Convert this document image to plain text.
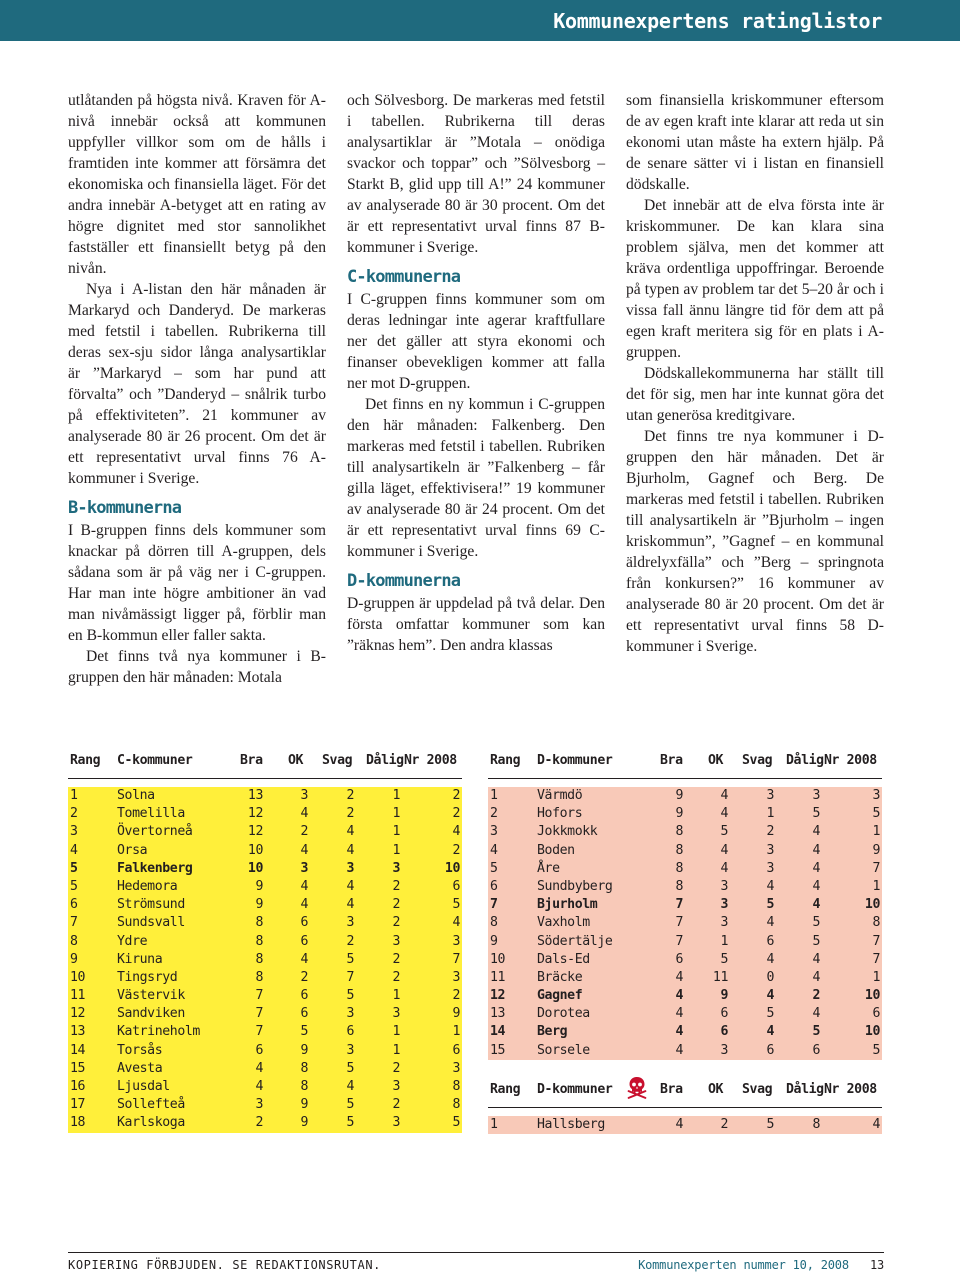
Kommunexpertens ratinglistor

utlåtanden på högsta nivå. Kraven för A-nivå innebär också att kommunen uppfyller villkor som om de hålls i framtiden inte kommer att försämra det ekonomiska och finansiella läget. För det andra innebär A-betyget att en rating av högre dignitet med stor sannolikhet fastställer ett finansiellt betyg på den nivån.

Nya i A-listan den här månaden är Markaryd och Danderyd. De markeras med fetstil i tabellen. Rubrikerna till deras sex-sju sidor långa analysartiklar är ”Markaryd – som har pund att förvalta” och ”Danderyd – snålrik turbo på effektiviteten”. 21 kommuner av analyserade 80 är 26 procent. Om det är ett representativt urval finns 76 A-kommuner i Sverige.

B-kommunerna

I B-gruppen finns dels kommuner som knackar på dörren till A-gruppen, dels sådana som är på väg ner i C-gruppen. Har man inte högre ambitioner än vad man nivåmässigt ligger på, förblir man en B-kommun eller faller sakta.

Det finns två nya kommuner i B-gruppen den här månaden: Motala

och Sölvesborg. De markeras med fetstil i tabellen. Rubrikerna till deras analysartiklar är ”Motala – onödiga svackor och toppar” och ”Sölvesborg – Starkt B, glid upp till A!” 24 kommuner av analyserade 80 är 30 procent. Om det är ett representativt urval finns 87 B-kommuner i Sverige.

C-kommunerna

I C-gruppen finns kommuner som om deras ledningar inte agerar kraftfullare ner det gäller att styra ekonomi och finanser obevekligen kommer att falla ner mot D-gruppen.

Det finns en ny kommun i C-gruppen den här månaden: Falkenberg. Den markeras med fetstil i tabellen. Rubriken till analysartikeln är ”Falkenberg – får gilla läget, effektivisera!” 19 kommuner av analyserade 80 är 24 procent. Om det är ett representativt urval finns 69 C-kommuner i Sverige.

D-kommunerna

D-gruppen är uppdelad på två delar. Den första omfattar kommuner som kan ”räknas hem”. Den andra klassas

som finansiella kriskommuner eftersom de av egen kraft inte klarar att reda ut sin ekonomi utan måste ha extern hjälp. På de senare sätter vi i listan en finansiell dödskalle.

Det innebär att de elva första inte är kriskommuner. De kan klara sina problem själva, men det kommer att kräva ordentliga uppoffringar. Beroende på typen av problem tar det 5–20 år och i vissa fall ännu längre tid för dem att på egen kraft meritera sig för en plats i A-gruppen.

Dödskallekommunerna har ställt till det för sig, men har inte kunnat göra det utan generösa kreditgivare.

Det finns tre nya kommuner i D-gruppen den här månaden. Det är Bjurholm, Gagnef och Berg. De markeras med fetstil i tabellen. Rubriken till analysartikeln är ”Bjurholm – ingen kriskommun”, ”Gagnef – en kommunal äldrelyxfälla” och ”Berg – springnota från konkursen?” 16 kommuner av analyserade 80 är 20 procent. Om det är ett representativt urval finns 58 D-kommuner i Sverige.

Rang C-kommuner	Bra OK Svag Dålig Nr 2008
1	Solna	13	3	2	1	2
2	Tomelilla	12	4	2	1	2
3	Övertorneå	12	2	4	1	4
4	Orsa	10	4	4	1	2
5	Falkenberg	10	3	3	3	10
5	Hedemora	9	4	4	2	6
6	Strömsund	9	4	4	2	5
7	Sundsvall	8	6	3	2	4
8	Ydre	8	6	2	3	3
9	Kiruna	8	4	5	2	7
10 Tingsryd	8	2	7	2	3
11 Västervik	7	6	5	1	2
12 Sandviken	7	6	3	3	9
13 Katrineholm	7	5	6	1	1
14 Torsås	6	9	3	1	6
15 Avesta	4	8	5	2	3
16 Ljusdal	4	8	4	3	8
17 Sollefteå	3	9	5	2	8
18 Karlskoga	2	9	5	3	5
Rang D-kommuner	Bra OK Svag Dålig Nr 2008
1	Värmdö	9	4	3	3	3
2	Hofors	9	4	1	5	5
3	Jokkmokk	8	5	2	4	1
4	Boden	8	4	3	4	9
5	Åre	8	4	3	4	7
6	Sundbyberg	8	3	4	4	1
7	Bjurholm	7	3	5	4	10
8	Vaxholm	7	3	4	5	8
9	Södertälje	7	1	6	5	7
10 Dals-Ed	6	5	4	4	7
11 Bräcke	4 11	0	4	1
12 Gagnef	4	9	4	2	10
13 Dorotea	4	6	5	4	6
14 Berg	4	6	4	5	10
15 Sorsele	4	3	6	6	5
Rang D-kommuner	Bra OK Svag Dålig Nr 2008
1	Hallsberg	4	2	5	8	4
KOPIERING FÖRBJUDEN. SE REDAKTIONSRUTAN.	Kommunexperten nummer 10, 2008 13
